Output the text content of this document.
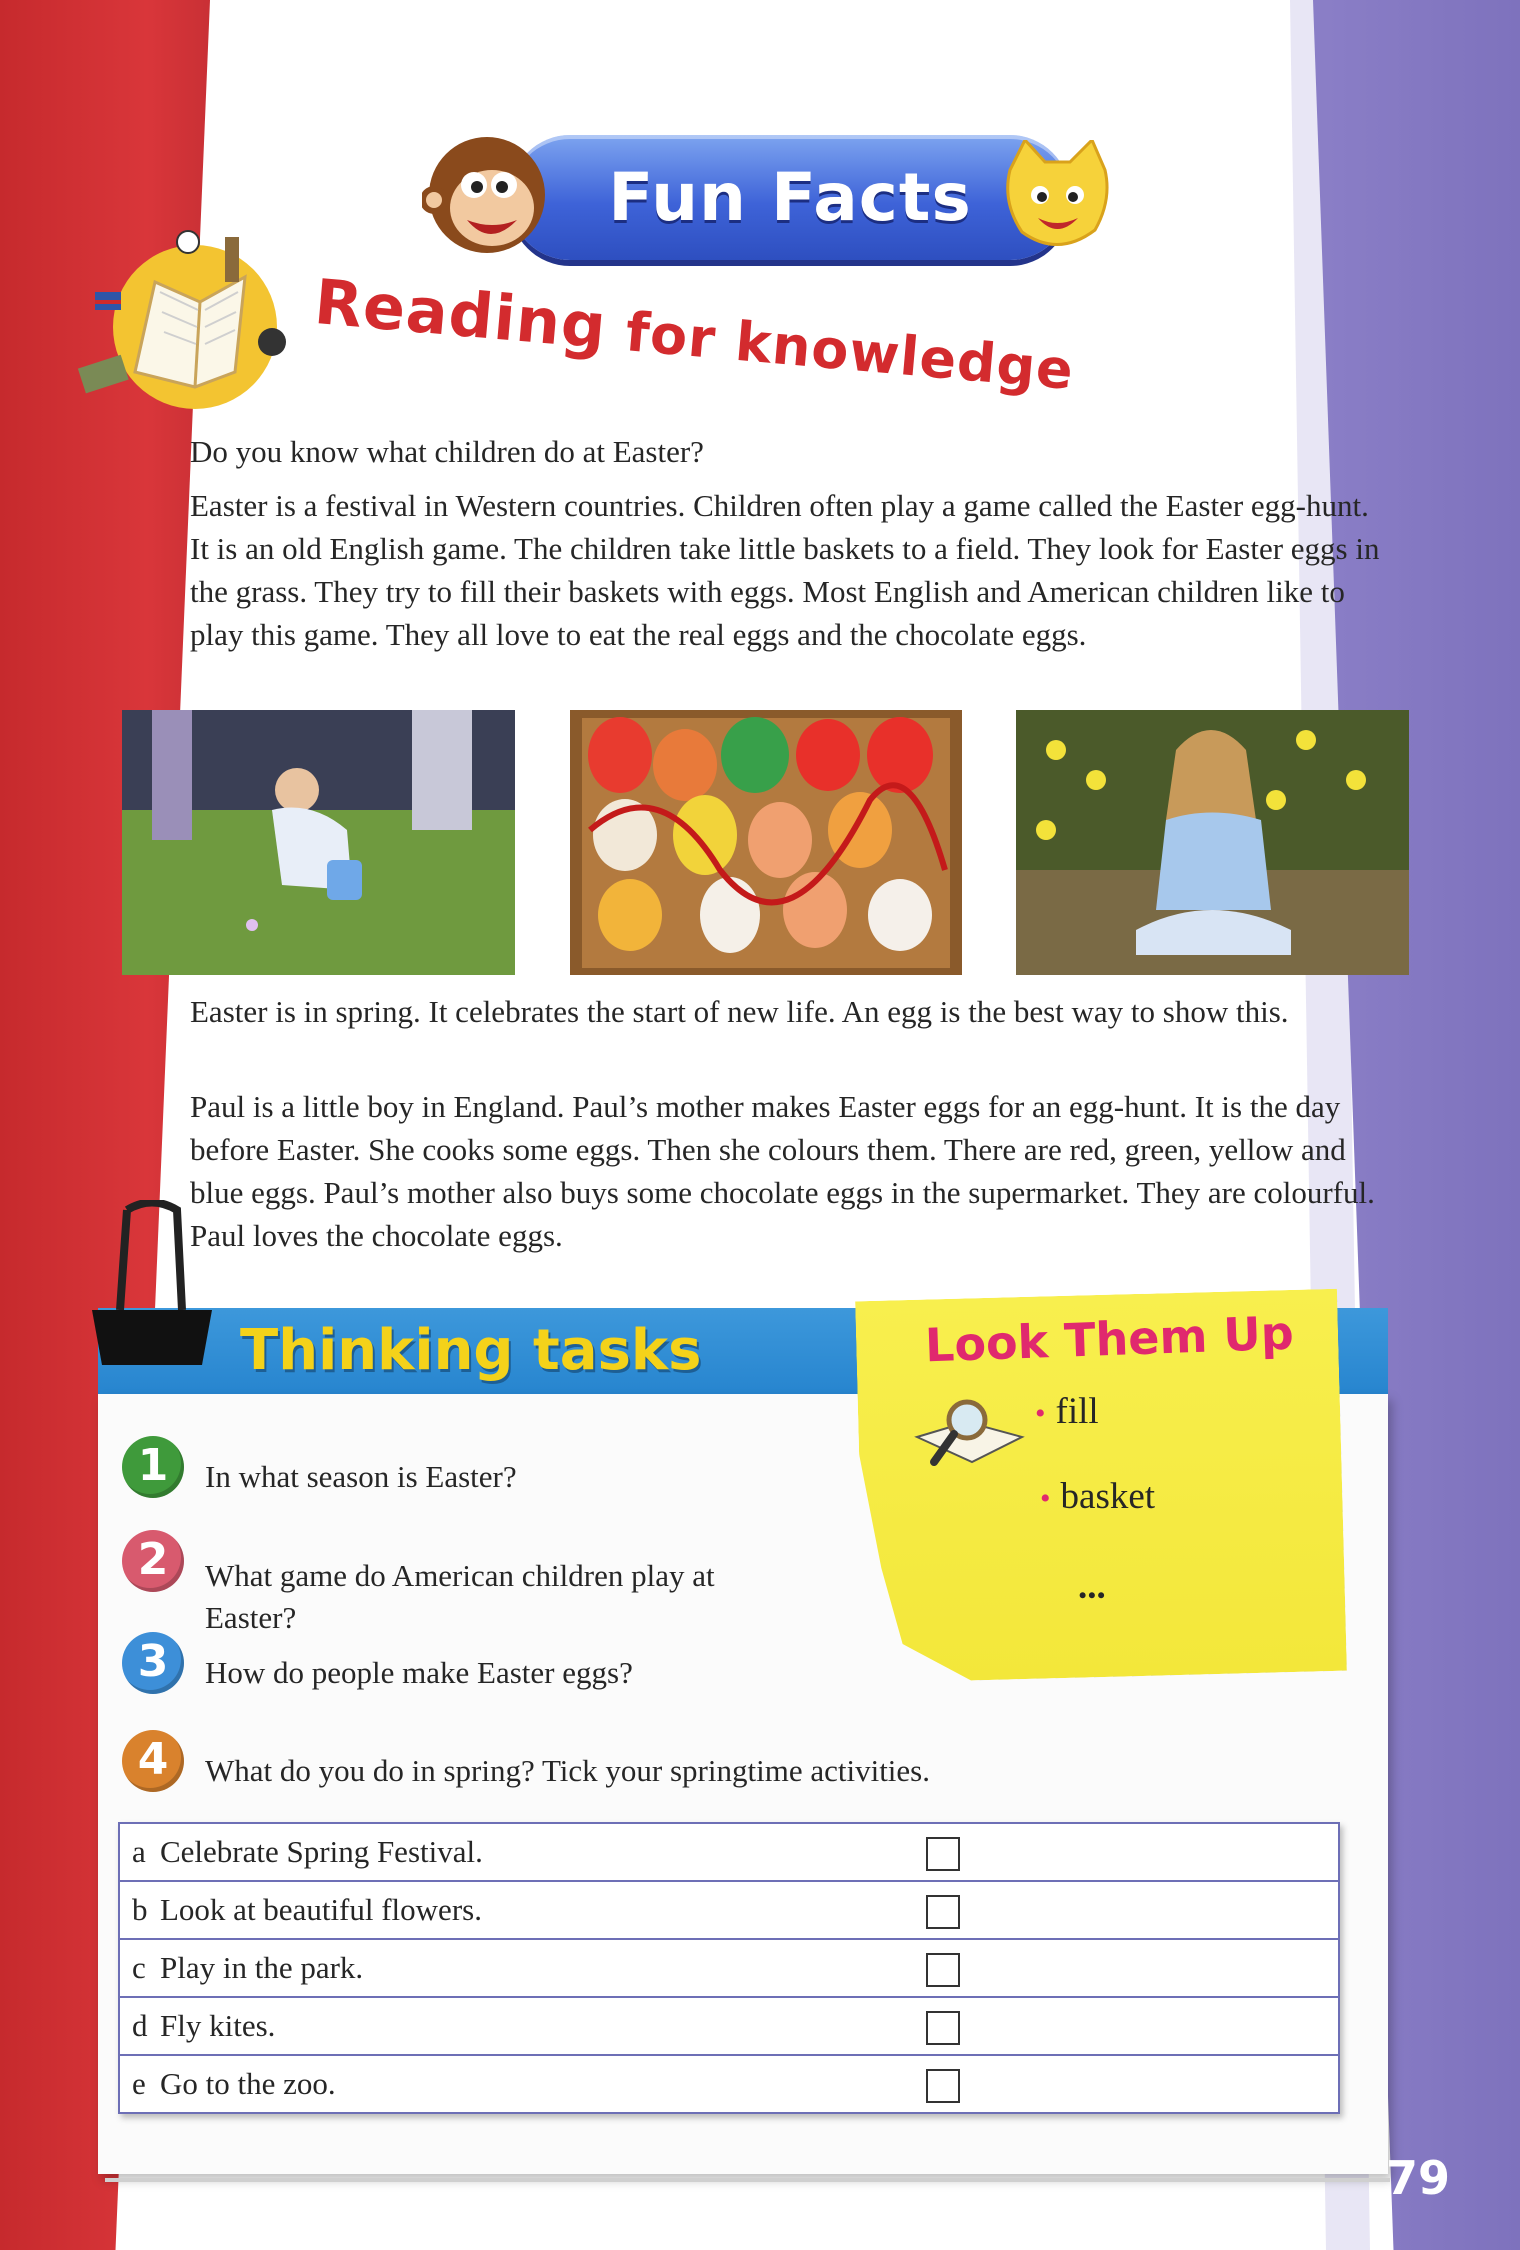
Fun Facts
Reading for knowledge

Do you know what children do at Easter?

Easter is a festival in Western countries. Children often play a game called the Easter egg-hunt. It is an old English game. The children take little baskets to a field. They look for Easter eggs in the grass. They try to fill their baskets with eggs. Most English and American children like to play this game. They all love to eat the real eggs and the chocolate eggs.

Easter is in spring. It celebrates the start of new life. An egg is the best way to show this.

Paul is a little boy in England. Paul’s mother makes Easter eggs for an egg-hunt. It is the day before Easter. She cooks some eggs. Then she colours them. There are red, green, yellow and blue eggs. Paul’s mother also buys some chocolate eggs in the supermarket. They are colourful. Paul loves the chocolate eggs.

Thinking tasks
1	In what season is Easter?

2	What game do American children play at Easter?

3	How do people make Easter eggs?

4	What do you do in spring? Tick your springtime activities.

Look Them Up
• fill
• basket
...
a Celebrate Spring Festival.	
b Look at beautiful flowers.	
c Play in the park.	
d Fly kites.	
e Go to the zoo.	
79
